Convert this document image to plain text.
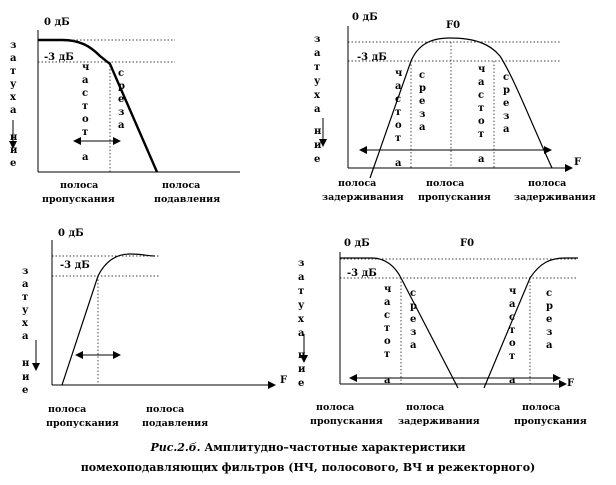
0 дБ
-3 дБ
з
а
т
у
х
а
н
и
е
ч
а
с
т
о
т
а
с
р
е
з
а
полоса
пропускания
полоса
подавления
0 дБ
F0
-3 дБ
F
з
а
т
у
х
а
н
и
е
ч
а
с
т
о
т
а
с
р
е
з
а
ч
а
с
т
о
т
а
с
р
е
з
а
полоса
задерживания
полоса
пропускания
полоса
задерживания
0 дБ
-3 дБ
F
з
а
т
у
х
а
н
и
е
полоса
пропускания
полоса
подавления
0 дБ	F0
-3 дБ
F
з
а
т
у
х
а
н
и
е
ч
а
с
т
о
т
а
с
р
е
з
а
ч
а
с
т
о
т
а
с
р
е
з
а
полоса
пропускания
полоса
задерживания
полоса
пропускания
Рис.2.б. Амплитудно–частотные характеристики
помехоподавляющих фильтров (НЧ, полосового, ВЧ и режекторного)
